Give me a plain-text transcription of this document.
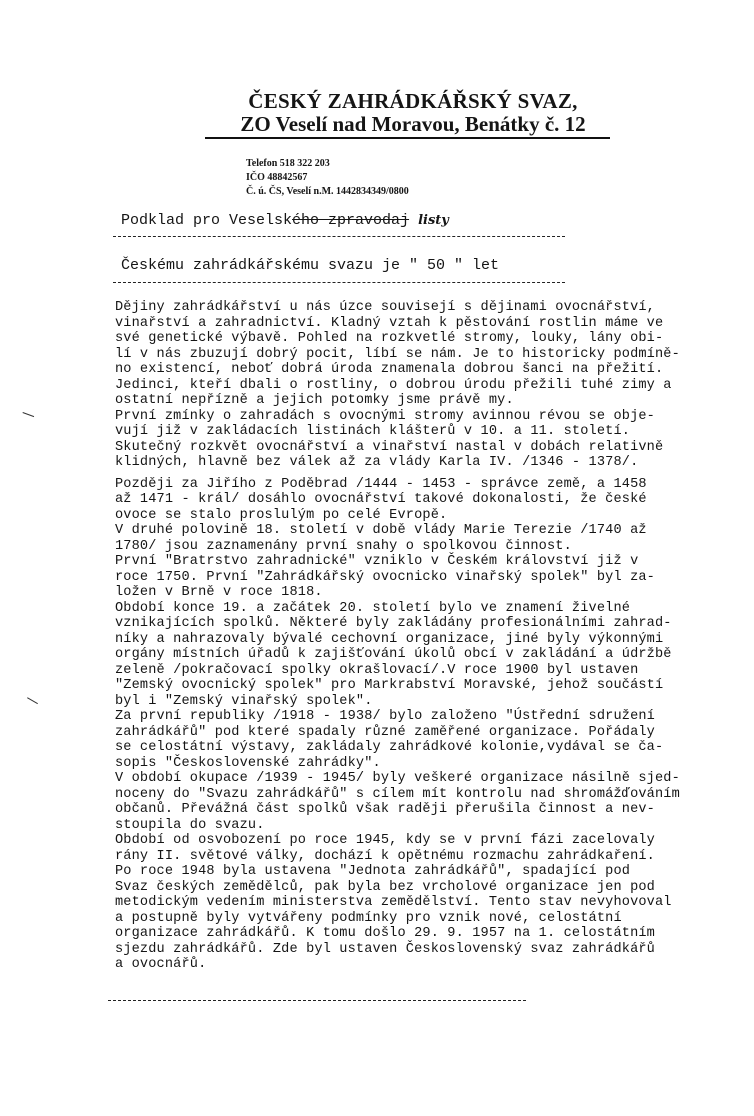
ČESKÝ ZAHRÁDKÁŘSKÝ SVAZ,
ZO Veselí nad Moravou, Benátky č. 12
Telefon 518 322 203
IČO 48842567
Č. ú. ČS, Veselí n.M. 1442834349/0800
Podklad pro Veselského zpravodaj listy
Českému zahrádkářskému svazu je " 50 " let
Dějiny zahrádkářství u nás úzce souvisejí s dějinami ovocnářství,
vinařství a zahradnictví. Kladný vztah k pěstování rostlin máme ve
své genetické výbavě. Pohled na rozkvetlé stromy, louky, lány obi-
lí v nás zbuzují dobrý pocit, líbí se nám. Je to historicky podmíně-
no existencí, neboť dobrá úroda znamenala dobrou šanci na přežití.
Jedinci, kteří dbali o rostliny, o dobrou úrodu přežili tuhé zimy a
ostatní nepřízně a jejich potomky jsme právě my.
První zmínky o zahradách s ovocnými stromy avinnou révou se obje-
vují již v zakládacích listinách klášterů v 10. a 11. století.
Skutečný rozkvět ovocnářství a vinařství nastal v dobách relativně
klidných, hlavně bez válek až za vlády Karla IV. /1346 - 1378/.
Později za Jiřího z Poděbrad /1444 - 1453 - správce země, a 1458
až 1471 - král/ dosáhlo ovocnářství takové dokonalosti, že české
ovoce se stalo proslulým po celé Evropě.
V druhé polovině 18. století v době vlády Marie Terezie /1740 až
1780/ jsou zaznamenány první snahy o spolkovou činnost.
První "Bratrstvo zahradnické" vzniklo v Českém království již v
roce 1750. První "Zahrádkářský ovocnicko vinařský spolek" byl za-
ložen v Brně v roce 1818.
Období konce 19. a začátek 20. století bylo ve znamení živelné
vznikajících spolků. Některé byly zakládány profesionálními zahrad-
níky a nahrazovaly bývalé cechovní organizace, jiné byly výkonnými
orgány místních úřadů k zajišťování úkolů obcí v zakládání a údržbě
zeleně /pokračovací spolky okrašlovací/.V roce 1900 byl ustaven
"Zemský ovocnický spolek" pro Markrabství Moravské, jehož součástí
byl i "Zemský vinařský spolek".
Za první republiky /1918 - 1938/ bylo založeno "Ústřední sdružení
zahrádkářů" pod které spadaly různé zaměřené organizace. Pořádaly
se celostátní výstavy, zakládaly zahrádkové kolonie,vydával se ča-
sopis "Československé zahrádky".
V období okupace /1939 - 1945/ byly veškeré organizace násilně sjed-
noceny do "Svazu zahrádkářů" s cílem mít kontrolu nad shromážďováním
občanů. Převážná část spolků však raději přerušila činnost a nev-
stoupila do svazu.
Období od osvobození po roce 1945, kdy se v první fázi zacelovaly
rány II. světové války, dochází k opětnému rozmachu zahrádkaření.
Po roce 1948 byla ustavena "Jednota zahrádkářů", spadající pod
Svaz českých zemědělců, pak byla bez vrcholové organizace jen pod
metodickým vedením ministerstva zemědělství. Tento stav nevyhovoval
a postupně byly vytvářeny podmínky pro vznik nové, celostátní
organizace zahrádkářů. K tomu došlo 29. 9. 1957 na 1. celostátním
sjezdu zahrádkářů. Zde byl ustaven Československý svaz zahrádkářů
a ovocnářů.
